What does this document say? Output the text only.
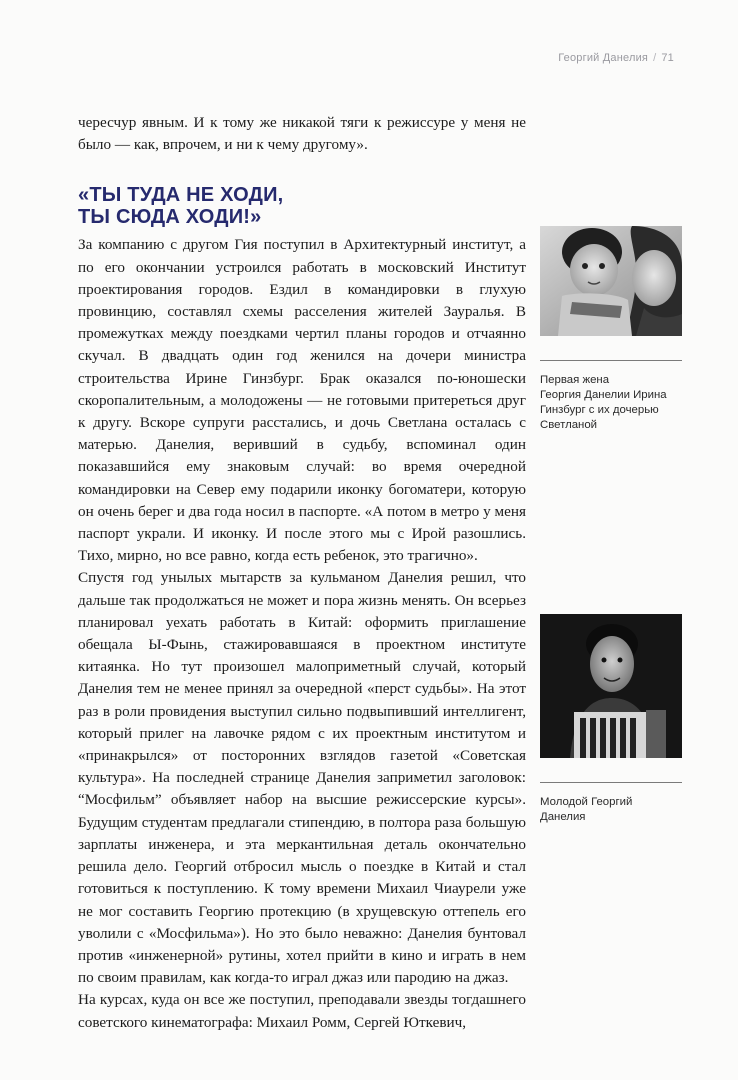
Георгий Данелия / 71

чересчур явным. И к тому же никакой тяги к режиссуре у меня не было — как, впрочем, и ни к чему другому».

«ТЫ ТУДА НЕ ХОДИ,
ТЫ СЮДА ХОДИ!»

За компанию с другом Гия поступил в Архитектурный институт, а по его окончании устроился работать в московский Институт проектирования городов. Ездил в командировки в глухую провинцию, составлял схемы расселения жителей Зауралья. В промежутках между поездками чертил планы городов и отчаянно скучал. В двадцать один год женился на дочери министра строительства Ирине Гинзбург. Брак оказался по-юношески скоропалительным, а молодожены — не готовыми притереться друг к другу. Вскоре супруги расстались, и дочь Светлана осталась с матерью. Данелия, веривший в судьбу, вспоминал один показавшийся ему знаковым случай: во время очередной командировки на Север ему подарили иконку богоматери, которую он очень берег и два года носил в паспорте. «А потом в метро у меня паспорт украли. И иконку. И после этого мы с Ирой разошлись. Тихо, мирно, но все равно, когда есть ребенок, это трагично».

Спустя год унылых мытарств за кульманом Данелия решил, что дальше так продолжаться не может и пора жизнь менять. Он всерьез планировал уехать работать в Китай: оформить приглашение обещала Ы-Фынь, стажировавшаяся в проектном институте китаянка. Но тут произошел малоприметный случай, который Данелия тем не менее принял за очередной «перст судьбы». На этот раз в роли провидения выступил сильно подвыпивший интеллигент, который прилег на лавочке рядом с их проектным институтом и «принакрылся» от посторонних взглядов газетой «Советская культура». На последней странице Данелия заприметил заголовок: “Мосфильм” объявляет набор на высшие режиссерские курсы». Будущим студентам предлагали стипендию, в полтора раза большую зарплаты инженера, и эта меркантильная деталь окончательно решила дело. Георгий отбросил мысль о поездке в Китай и стал готовиться к поступлению. К тому времени Михаил Чиаурели уже не мог составить Георгию протекцию (в хрущевскую оттепель его уволили с «Мосфильма»). Но это было неважно: Данелия бунтовал против «инженерной» рутины, хотел прийти в кино и играть в нем по своим правилам, как когда-то играл джаз или пародию на джаз.

На курсах, куда он все же поступил, преподавали звезды тогдашнего советского кинематографа: Михаил Ромм, Сергей Юткевич,

Первая жена
Георгия Данелии Ирина
Гинзбург с их дочерью
Светланой
Молодой Георгий
Данелия
